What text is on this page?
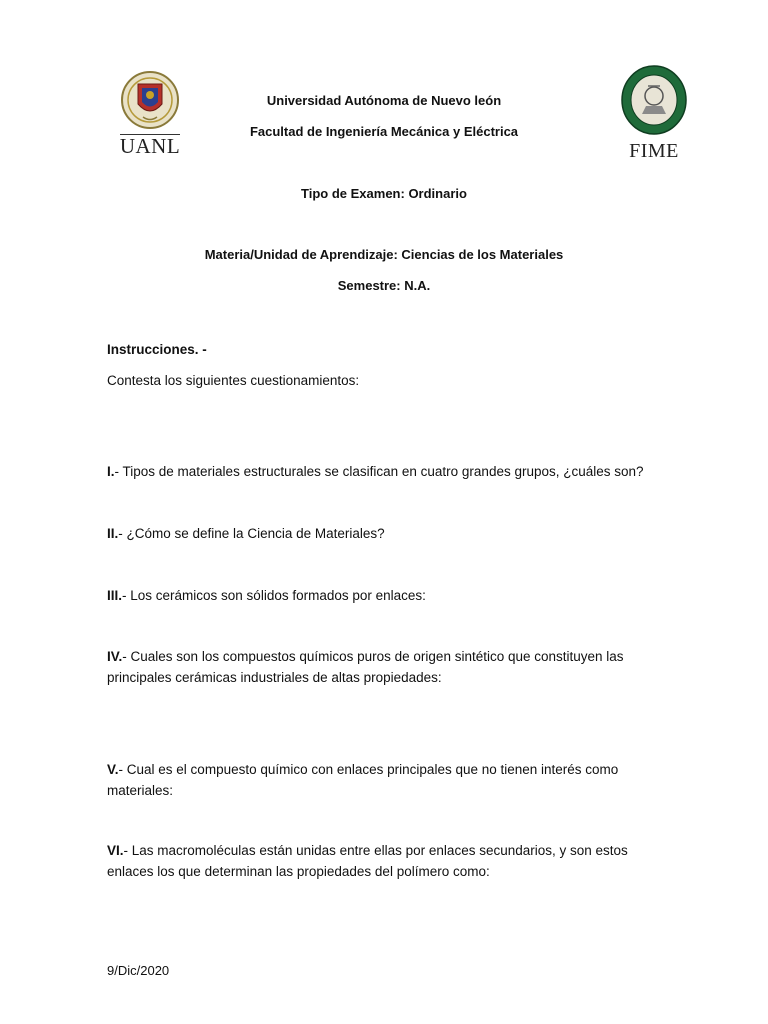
UANL	FIME
Universidad Autónoma de Nuevo león
Facultad de Ingeniería Mecánica y Eléctrica
Tipo de Examen: Ordinario
Materia/Unidad de Aprendizaje: Ciencias de los Materiales
Semestre: N.A.
Instrucciones. -
Contesta los siguientes cuestionamientos:
I.- Tipos de materiales estructurales se clasifican en cuatro grandes grupos, ¿cuáles son?
II.- ¿Cómo se define la Ciencia de Materiales?
III.- Los cerámicos son sólidos formados por enlaces:
IV.- Cuales son los compuestos químicos puros de origen sintético que constituyen las principales cerámicas industriales de altas propiedades:
V.- Cual es el compuesto químico con enlaces principales que no tienen interés como materiales:
VI.- Las macromoléculas están unidas entre ellas por enlaces secundarios, y son estos enlaces los que determinan las propiedades del polímero como:
9/Dic/2020
